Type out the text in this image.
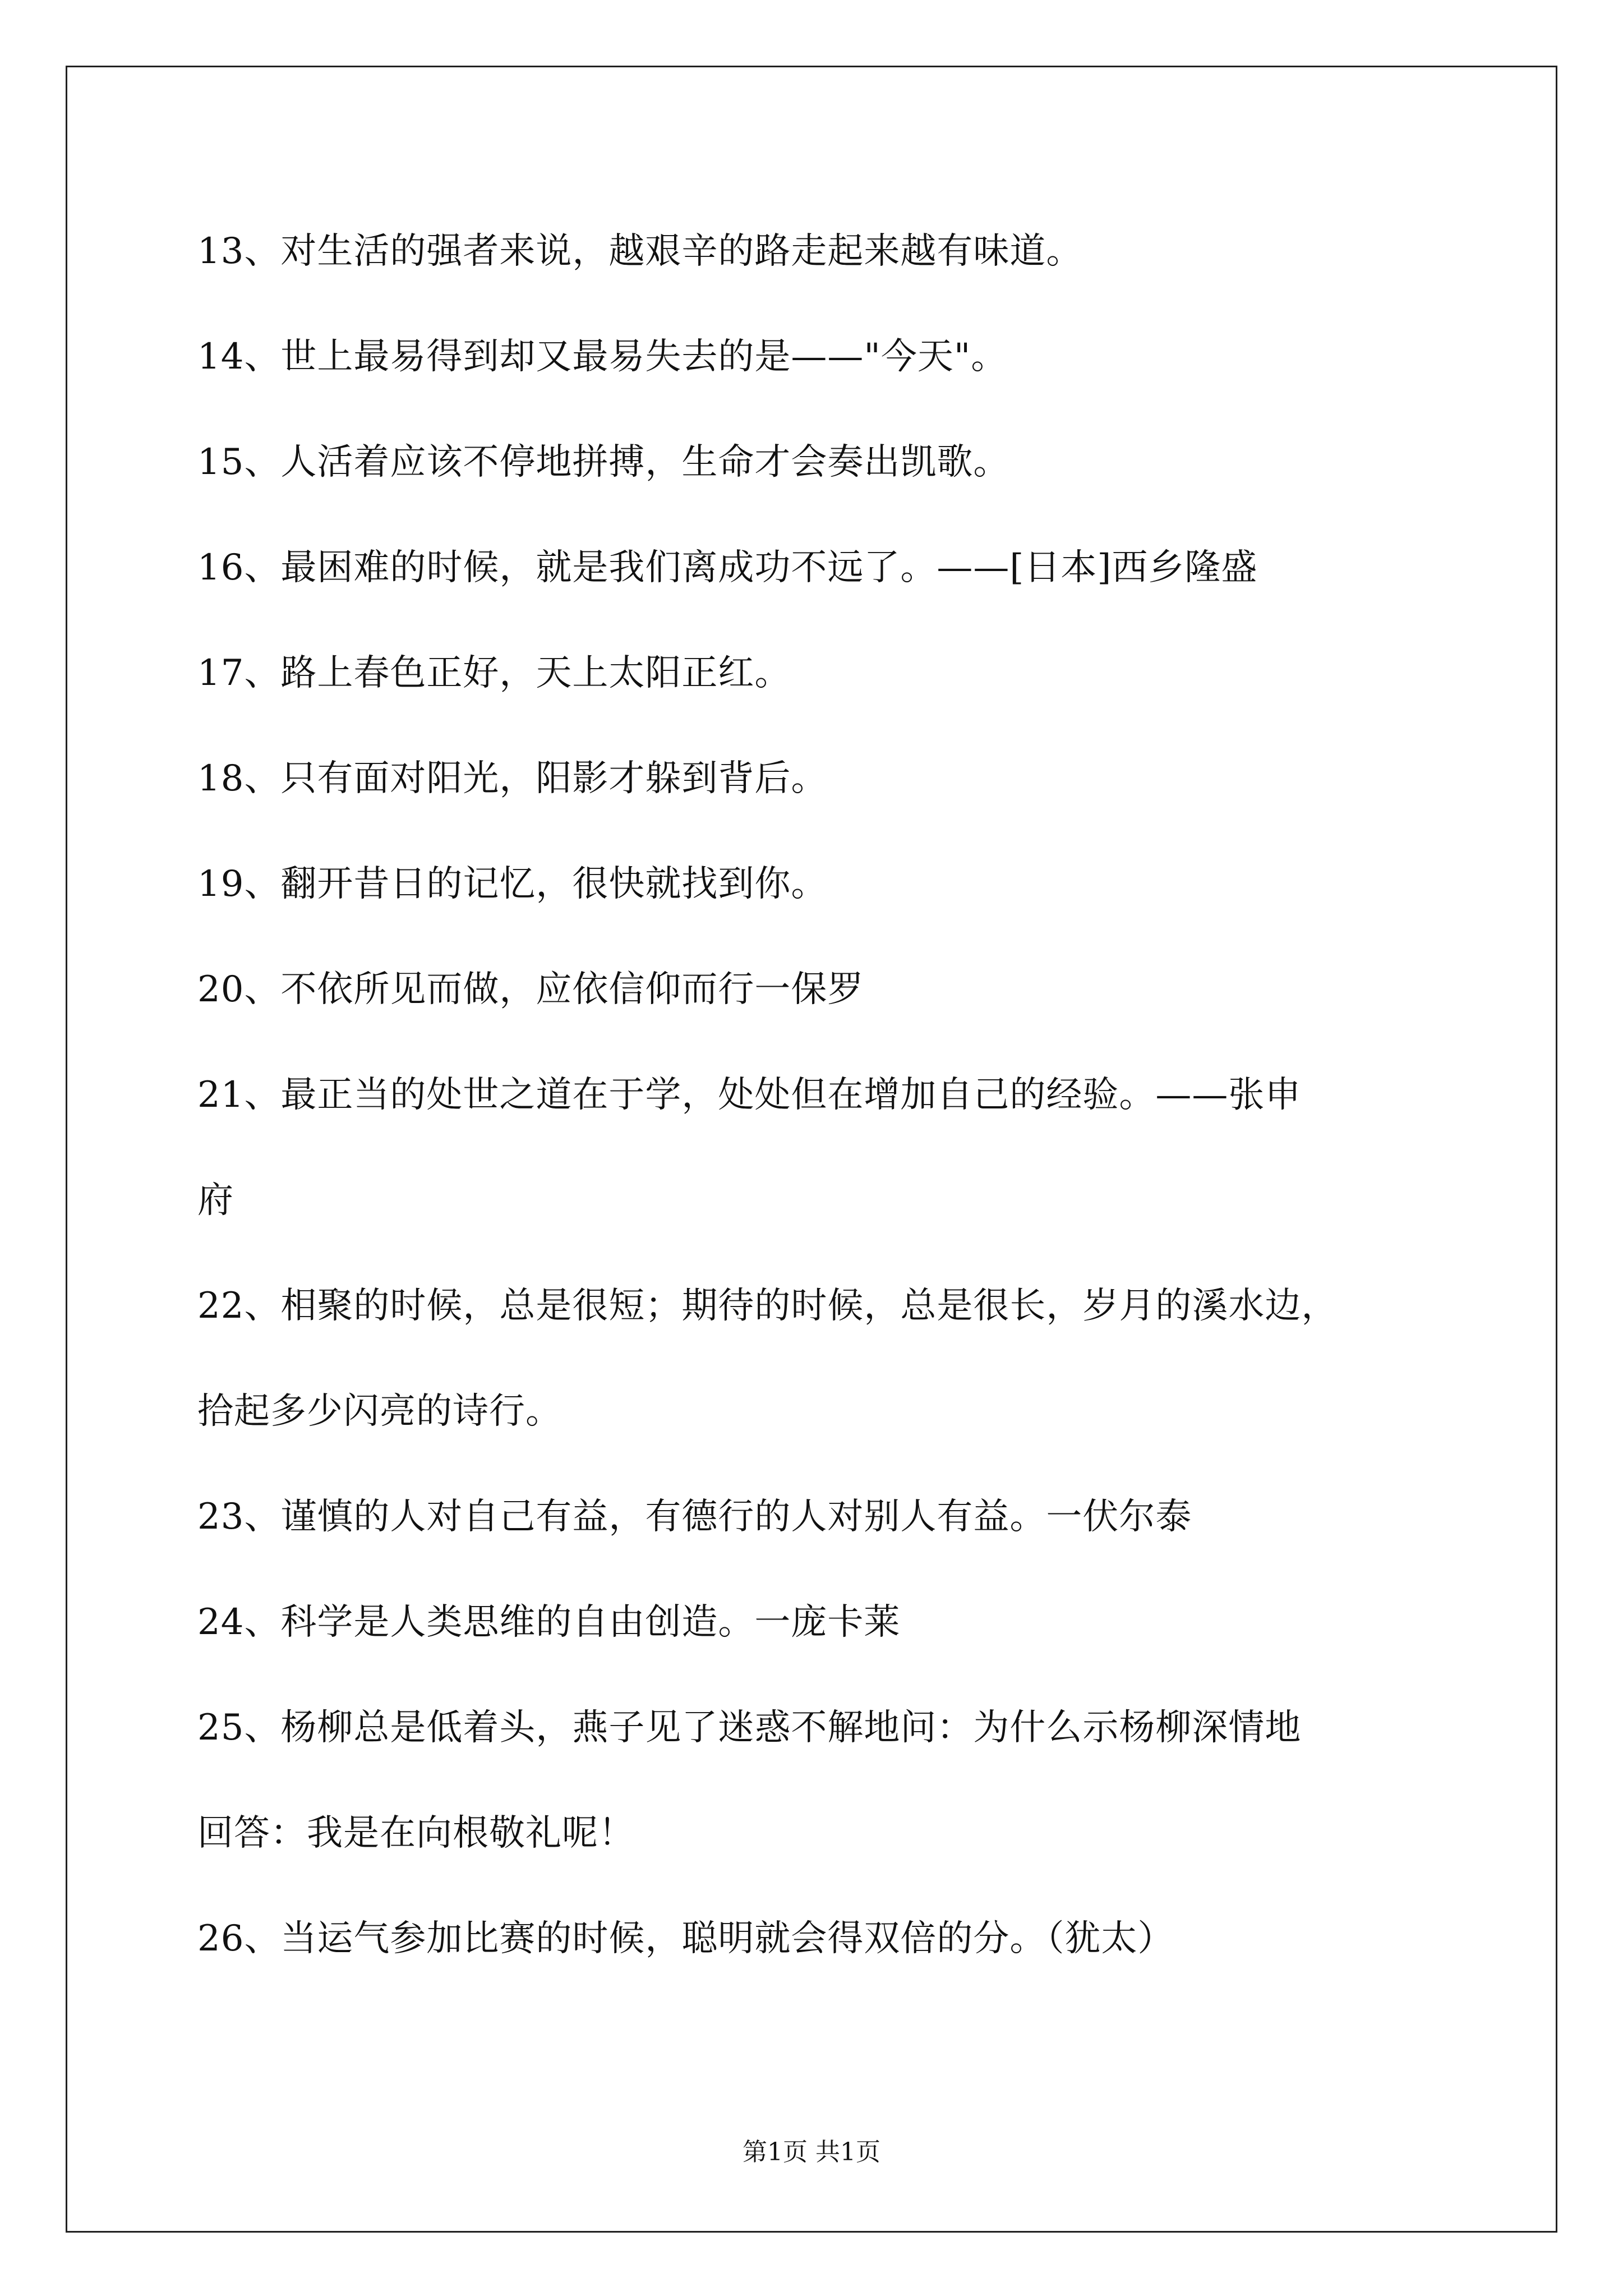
13、对生活的强者来说，越艰辛的路走起来越有味道。
14、世上最易得到却又最易失去的是——"今天"。
15、人活着应该不停地拼搏，生命才会奏出凯歌。
16、最困难的时候，就是我们离成功不远了。——[日本]西乡隆盛
17、路上春色正好，天上太阳正红。
18、只有面对阳光，阳影才躲到背后。
19、翻开昔日的记忆，很快就找到你。
20、不依所见而做，应依信仰而行一保罗
21、最正当的处世之道在于学，处处但在增加自己的经验。——张申
府
22、相聚的时候，总是很短；期待的时候，总是很长，岁月的溪水边，
拾起多少闪亮的诗行。
23、谨慎的人对自己有益，有德行的人对别人有益。一伏尔泰
24、科学是人类思维的自由创造。一庞卡莱
25、杨柳总是低着头，燕子见了迷惑不解地问：为什么示杨柳深情地
回答：我是在向根敬礼呢！
26、当运气参加比赛的时候，聪明就会得双倍的分。（犹太）
第1页 共1页
